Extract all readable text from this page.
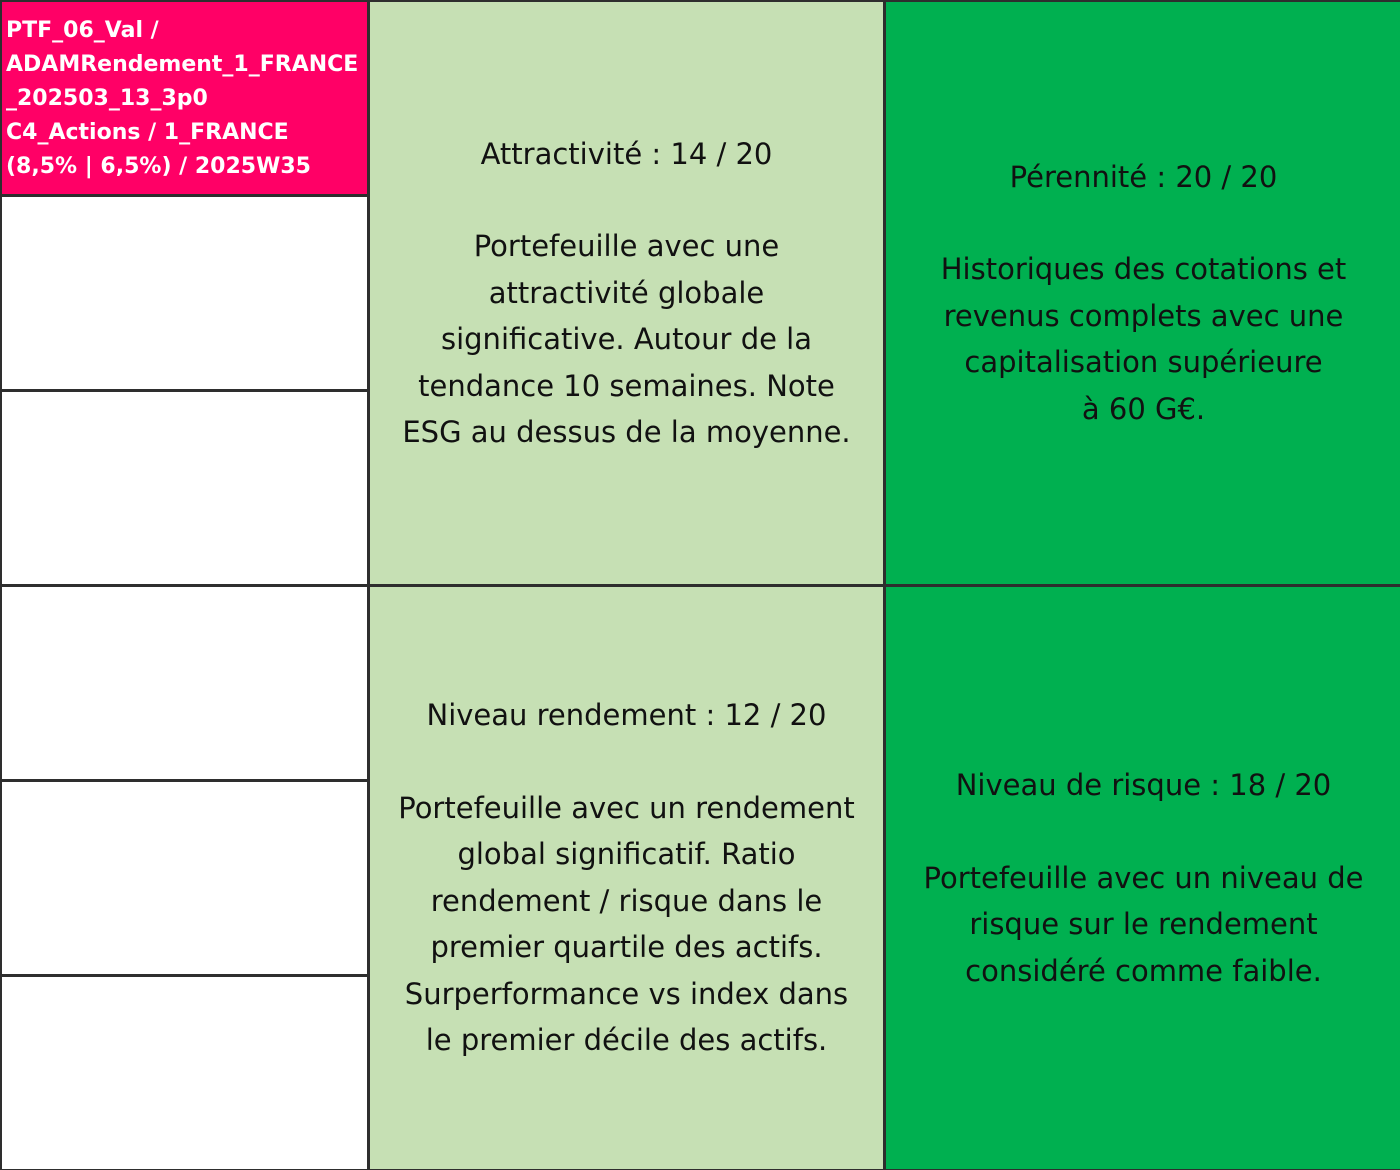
PTF_06_Val /
ADAMRendement_1_FRANCE
_202503_13_3p0
C4_Actions / 1_FRANCE
(8,5% | 6,5%) / 2025W35	Attractivité : 14 / 20
Portefeuille avec une
attractivité globale
significative. Autour de la
tendance 10 semaines. Note
ESG au dessus de la moyenne.
Pérennité : 20 / 20
Historiques des cotations et
revenus complets avec une
capitalisation supérieure
à 60 G€.
Niveau rendement : 12 / 20
Portefeuille avec un rendement
global significatif. Ratio
rendement / risque dans le
premier quartile des actifs.
Surperformance vs index dans
le premier décile des actifs.
Niveau de risque : 18 / 20
Portefeuille avec un niveau de
risque sur le rendement
considéré comme faible.
